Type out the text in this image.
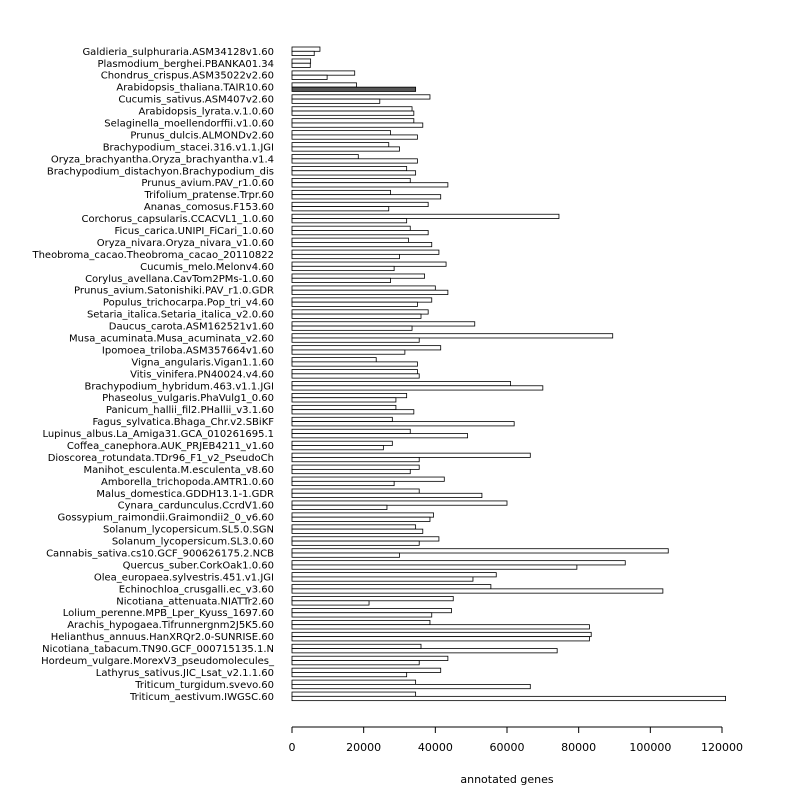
Galdieria_sulphuraria.ASM34128v1.60
Plasmodium_berghei.PBANKA01.34
Chondrus_crispus.ASM35022v2.60
Arabidopsis_thaliana.TAIR10.60
Cucumis_sativus.ASM407v2.60
Arabidopsis_lyrata.v.1.0.60
Selaginella_moellendorffii.v1.0.60
Prunus_dulcis.ALMONDv2.60
Brachypodium_stacei.316.v1.1.JGI
Oryza_brachyantha.Oryza_brachyantha.v1.4
Brachypodium_distachyon.Brachypodium_dis
Prunus_avium.PAV_r1.0.60
Trifolium_pratense.Trpr.60
Ananas_comosus.F153.60
Corchorus_capsularis.CCACVL1_1.0.60
Ficus_carica.UNIPI_FiCari_1.0.60
Oryza_nivara.Oryza_nivara_v1.0.60
Theobroma_cacao.Theobroma_cacao_20110822
Cucumis_melo.Melonv4.60
Corylus_avellana.CavTom2PMs-1.0.60
Prunus_avium.Satonishiki.PAV_r1.0.GDR
Populus_trichocarpa.Pop_tri_v4.60
Setaria_italica.Setaria_italica_v2.0.60
Daucus_carota.ASM162521v1.60
Musa_acuminata.Musa_acuminata_v2.60
Ipomoea_triloba.ASM357664v1.60
Vigna_angularis.Vigan1.1.60
Vitis_vinifera.PN40024.v4.60
Brachypodium_hybridum.463.v1.1.JGI
Phaseolus_vulgaris.PhaVulg1_0.60
Panicum_hallii_fil2.PHallii_v3.1.60
Fagus_sylvatica.Bhaga_Chr.v2.SBiKF
Lupinus_albus.La_Amiga31.GCA_010261695.1
Coffea_canephora.AUK_PRJEB4211_v1.60
Dioscorea_rotundata.TDr96_F1_v2_PseudoCh
Manihot_esculenta.M.esculenta_v8.60
Amborella_trichopoda.AMTR1.0.60
Malus_domestica.GDDH13.1-1.GDR
Cynara_cardunculus.CcrdV1.60
Gossypium_raimondii.Graimondii2_0_v6.60
Solanum_lycopersicum.SL5.0.SGN
Solanum_lycopersicum.SL3.0.60
Cannabis_sativa.cs10.GCF_900626175.2.NCB
Quercus_suber.CorkOak1.0.60
Olea_europaea.sylvestris.451.v1.JGI
Echinochloa_crusgalli.ec_v3.60
Nicotiana_attenuata.NIATTr2.60
Lolium_perenne.MPB_Lper_Kyuss_1697.60
Arachis_hypogaea.Tifrunnergnm2J5K5.60
Helianthus_annuus.HanXRQr2.0-SUNRISE.60
Nicotiana_tabacum.TN90.GCF_000715135.1.N
Hordeum_vulgare.MorexV3_pseudomolecules_
Lathyrus_sativus.JIC_Lsat_v2.1.1.60
Triticum_turgidum.svevo.60
Triticum_aestivum.IWGSC.60
0	20000	40000	60000	80000	100000	120000
annotated genes
